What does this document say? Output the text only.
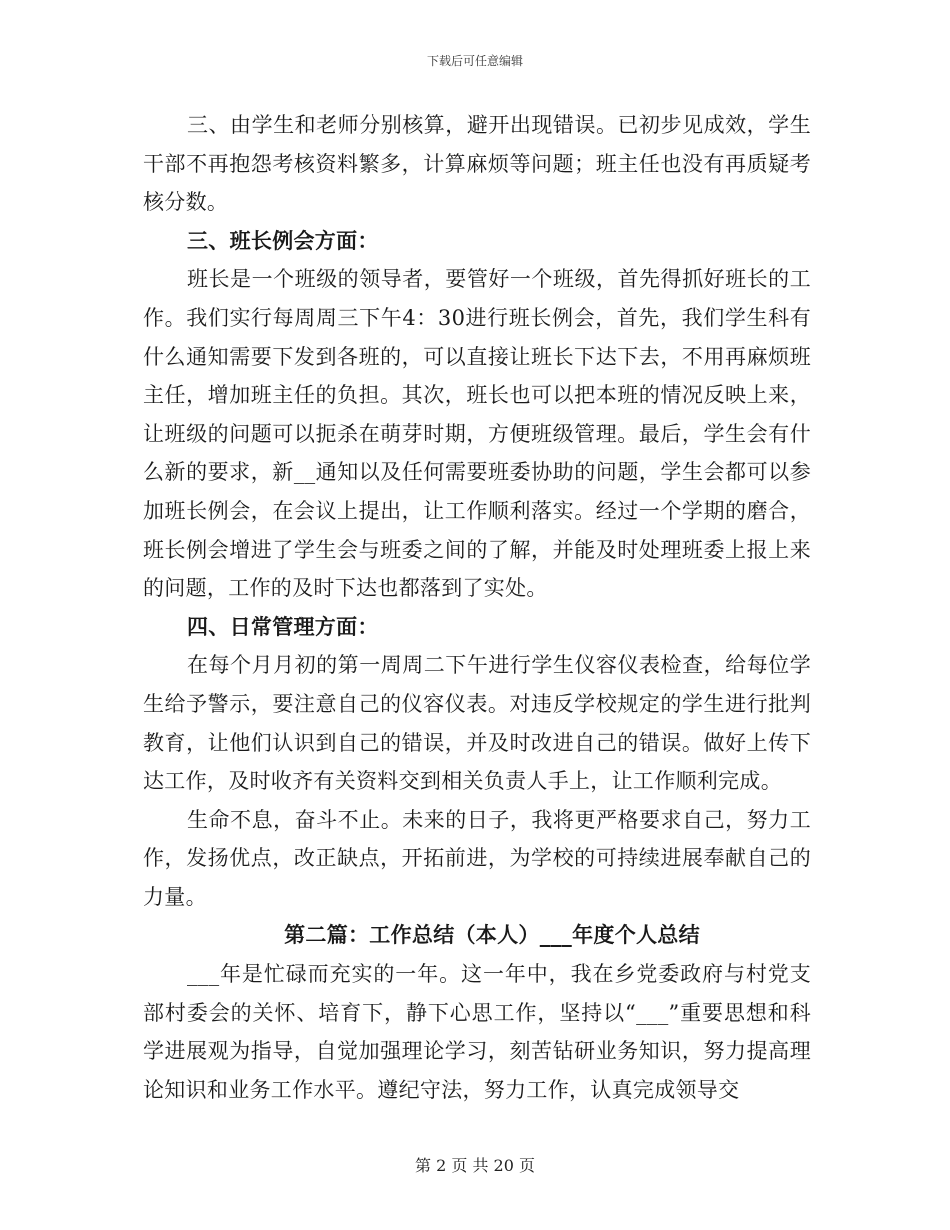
下载后可任意编辑

三、由学生和老师分别核算，避开出现错误。已初步见成效，学生干部不再抱怨考核资料繁多，计算麻烦等问题；班主任也没有再质疑考核分数。

三、班长例会方面：

班长是一个班级的领导者，要管好一个班级，首先得抓好班长的工作。我们实行每周周三下午4：30进行班长例会，首先，我们学生科有什么通知需要下发到各班的，可以直接让班长下达下去，不用再麻烦班主任，增加班主任的负担。其次，班长也可以把本班的情况反映上来，让班级的问题可以扼杀在萌芽时期，方便班级管理。最后，学生会有什么新的要求，新__通知以及任何需要班委协助的问题，学生会都可以参加班长例会，在会议上提出，让工作顺利落实。经过一个学期的磨合，班长例会增进了学生会与班委之间的了解，并能及时处理班委上报上来的问题，工作的及时下达也都落到了实处。

四、日常管理方面：

在每个月月初的第一周周二下午进行学生仪容仪表检查，给每位学生给予警示，要注意自己的仪容仪表。对违反学校规定的学生进行批判教育，让他们认识到自己的错误，并及时改进自己的错误。做好上传下达工作，及时收齐有关资料交到相关负责人手上，让工作顺利完成。

生命不息，奋斗不止。未来的日子，我将更严格要求自己，努力工作，发扬优点，改正缺点，开拓前进，为学校的可持续进展奉献自己的力量。

第二篇：工作总结（本人）___年度个人总结

___年是忙碌而充实的一年。这一年中，我在乡党委政府与村党支部村委会的关怀、培育下，静下心思工作，坚持以“___”重要思想和科学进展观为指导，自觉加强理论学习，刻苦钻研业务知识，努力提高理论知识和业务工作水平。遵纪守法，努力工作，认真完成领导交

第 2 页 共 20 页
